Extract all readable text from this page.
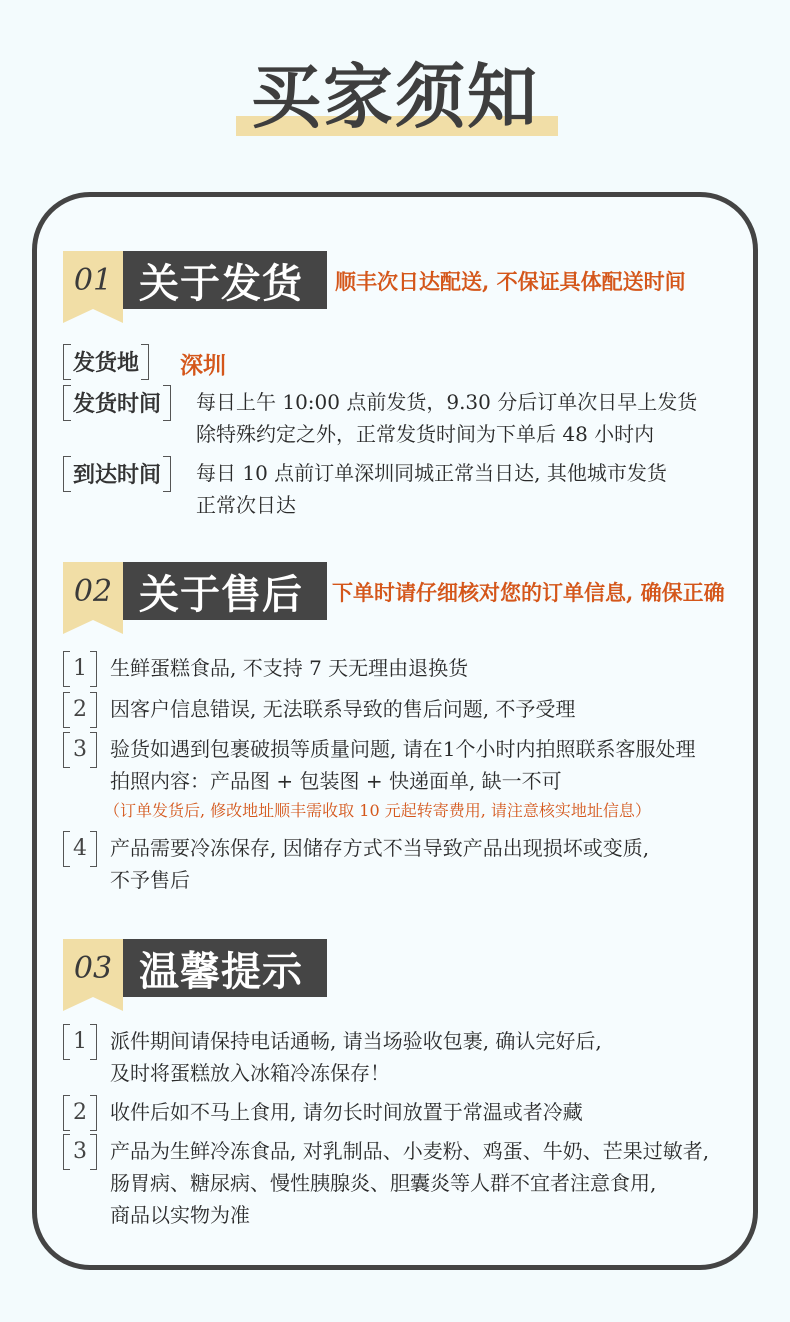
买家须知
01 关于发货	顺丰次日达配送, 不保证具体配送时间
发货地	深圳
发货时间	每日上午 10:00 点前发货，9.30 分后订单次日早上发货
除特殊约定之外，正常发货时间为下单后 48 小时内
到达时间	每日 10 点前订单深圳同城正常当日达, 其他城市发货
正常次日达
02 关于售后	下单时请仔细核对您的订单信息, 确保正确
1	生鲜蛋糕食品, 不支持 7 天无理由退换货
2	因客户信息错误, 无法联系导致的售后问题, 不予受理
3	验货如遇到包裹破损等质量问题, 请在1个小时内拍照联系客服处理
拍照内容：产品图 + 包装图 + 快递面单, 缺一不可
（订单发货后, 修改地址顺丰需收取 10 元起转寄费用, 请注意核实地址信息）
4	产品需要冷冻保存, 因储存方式不当导致产品出现损坏或变质,
不予售后
03 温馨提示
1	派件期间请保持电话通畅, 请当场验收包裹, 确认完好后,
及时将蛋糕放入冰箱冷冻保存！
2	收件后如不马上食用, 请勿长时间放置于常温或者冷藏
3	产品为生鲜冷冻食品, 对乳制品、小麦粉、鸡蛋、牛奶、芒果过敏者,
肠胃病、糖尿病、慢性胰腺炎、胆囊炎等人群不宜者注意食用,
商品以实物为准
